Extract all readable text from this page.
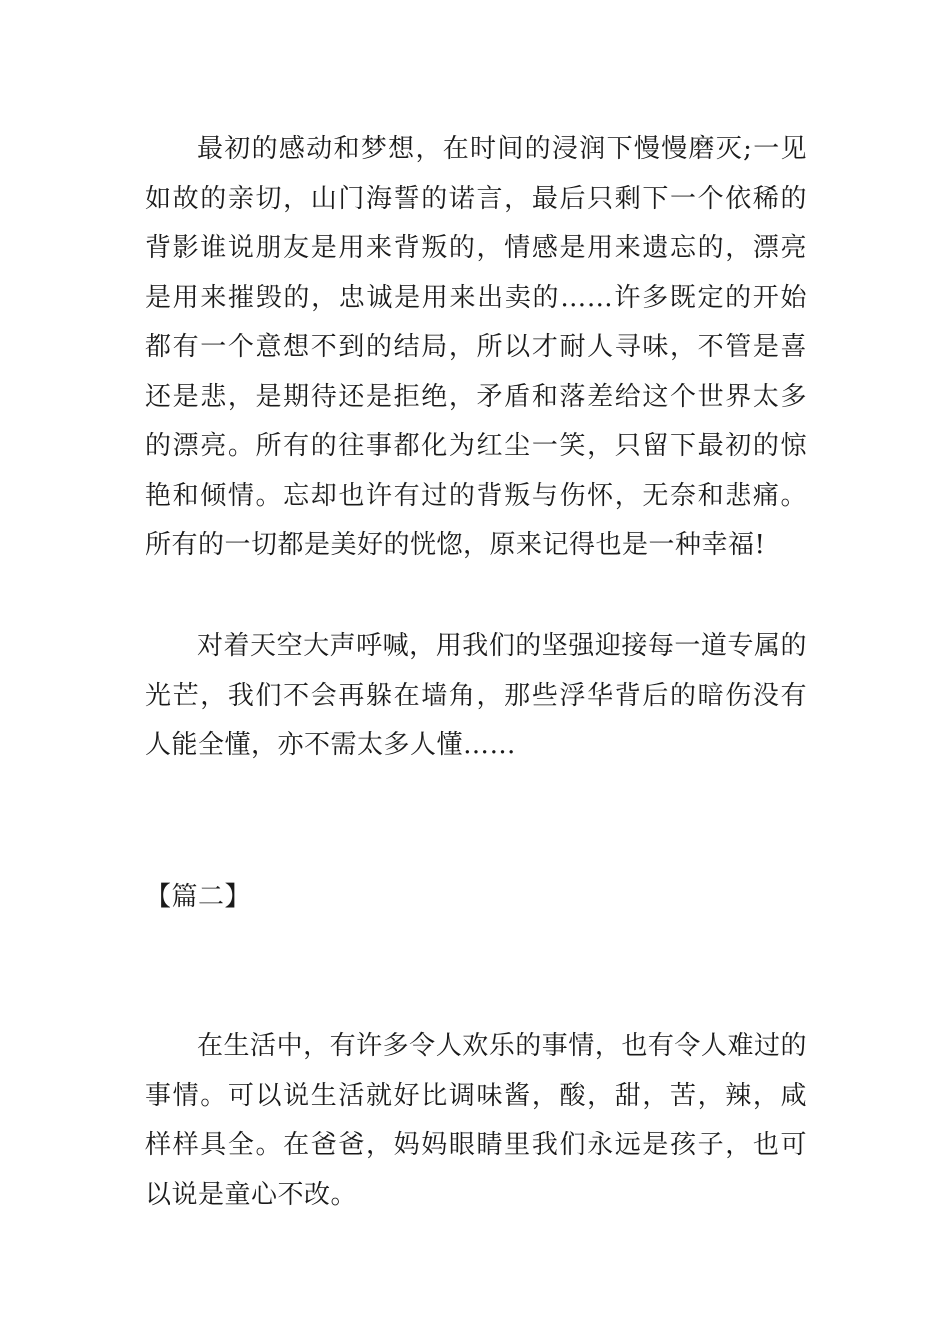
最初的感动和梦想，在时间的浸润下慢慢磨灭;一见如故的亲切，山门海誓的诺言，最后只剩下一个依稀的背影谁说朋友是用来背叛的，情感是用来遗忘的，漂亮是用来摧毁的，忠诚是用来出卖的……许多既定的开始都有一个意想不到的结局，所以才耐人寻味，不管是喜还是悲，是期待还是拒绝，矛盾和落差给这个世界太多的漂亮。所有的往事都化为红尘一笑，只留下最初的惊艳和倾情。忘却也许有过的背叛与伤怀，无奈和悲痛。所有的一切都是美好的恍惚，原来记得也是一种幸福!

对着天空大声呼喊，用我们的坚强迎接每一道专属的光芒，我们不会再躲在墙角，那些浮华背后的暗伤没有人能全懂，亦不需太多人懂……

【篇二】

在生活中，有许多令人欢乐的事情，也有令人难过的事情。可以说生活就好比调味酱，酸，甜，苦，辣，咸样样具全。在爸爸，妈妈眼睛里我们永远是孩子，也可以说是童心不改。
